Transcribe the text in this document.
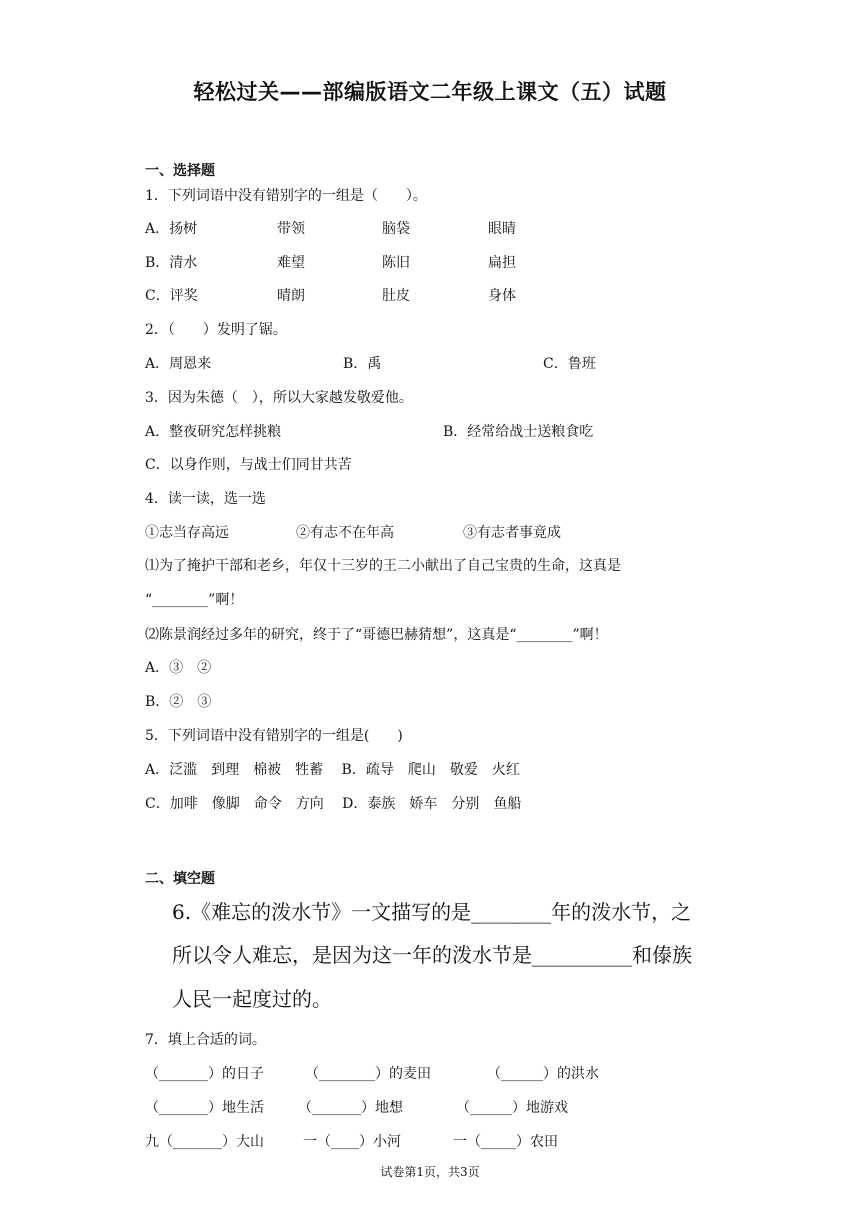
轻松过关——部编版语文二年级上课文（五）试题
一、选择题
1．下列词语中没有错别字的一组是（　　）。
A．扬树	带领	脑袋	眼睛
B．清水	难望	陈旧	扁担
C．评奖	晴朗	肚皮	身体
2．（　　）发明了锯。
A．周恩来	B．禹	C．鲁班
3．因为朱德（　），所以大家越发敬爱他。
A．整夜研究怎样挑粮	B．经常给战士送粮食吃
C．以身作则，与战士们同甘共苦
4．读一读，选一选
①志当存高远	②有志不在年高	③有志者事竟成
⑴为了掩护干部和老乡，年仅十三岁的王二小献出了自己宝贵的生命，这真是
“________”啊！
⑵陈景润经过多年的研究，终于了“哥德巴赫猜想”，这真是“________”啊！
A．③　②
B．②　③
5．下列词语中没有错别字的一组是(　　)
A．泛滥　到理　棉被　牲蓄　 B．疏导　爬山　敬爱　火红
C．加啡　像脚　命令　方向　 D．泰族　娇车　分别　鱼船
二、填空题
6.《难忘的泼水节》一文描写的是________年的泼水节，之
所以令人难忘，是因为这一年的泼水节是__________和傣族
人民一起度过的。
7．填上合适的词。
（_______）的日子	（________）的麦田	（______）的洪水
（_______）地生活 （_______）地想	（______）地游戏
九（_______）大山	一（____）小河	一（_____）农田
试卷第1页，共3页
